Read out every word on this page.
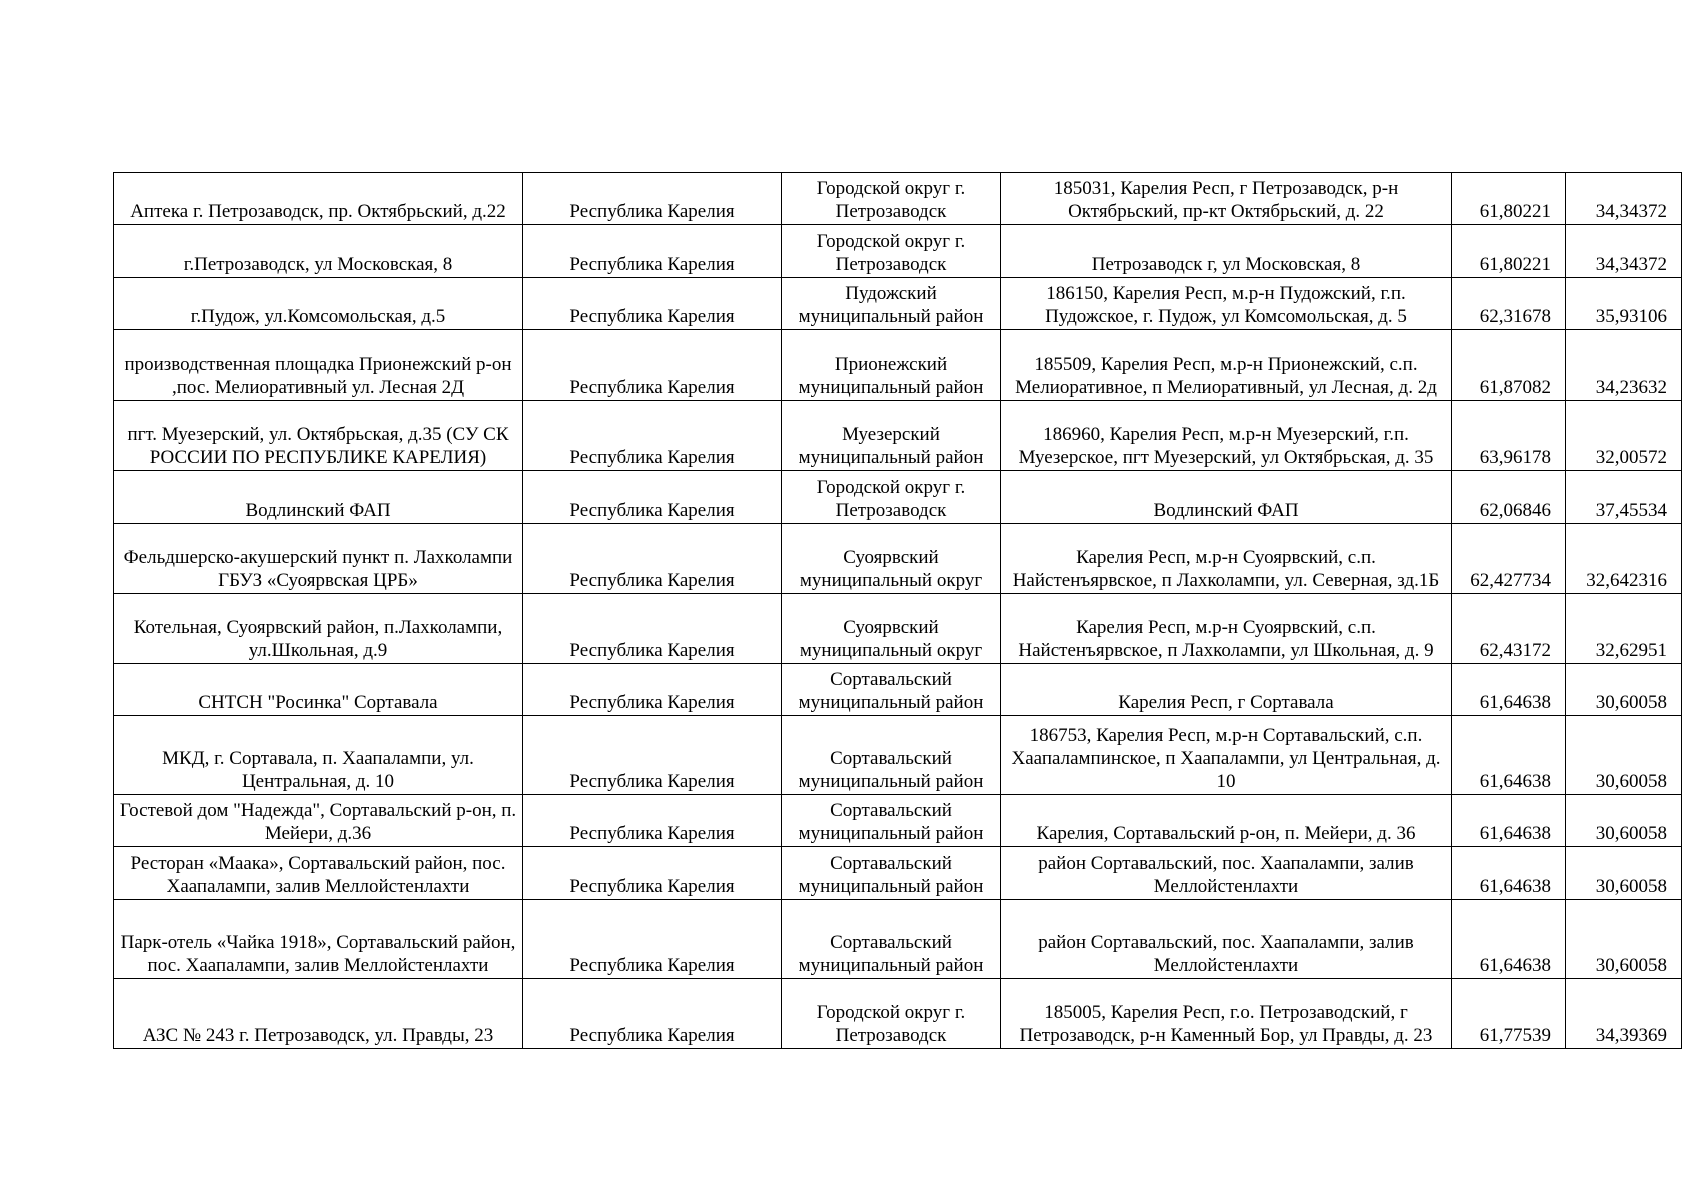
Аптека г. Петрозаводск, пр. Октябрьский, д.22	Республика Карелия	Городской округ г. Петрозаводск	185031, Карелия Респ, г Петрозаводск, р-н Октябрьский, пр-кт Октябрьский, д. 22	61,80221	34,34372
г.Петрозаводск, ул Московская, 8	Республика Карелия	Городской округ г. Петрозаводск	Петрозаводск г, ул Московская, 8	61,80221	34,34372
г.Пудож, ул.Комсомольская, д.5	Республика Карелия	Пудожский муниципальный район	186150, Карелия Респ, м.р-н Пудожский, г.п. Пудожское, г. Пудож, ул Комсомольская, д. 5	62,31678	35,93106
производственная площадка Прионежский р-он ,пос. Мелиоративный ул. Лесная 2Д	Республика Карелия	Прионежский муниципальный район	185509, Карелия Респ, м.р-н Прионежский, с.п. Мелиоративное, п Мелиоративный, ул Лесная, д. 2д	61,87082	34,23632
пгт. Муезерский, ул. Октябрьская, д.35 (СУ СК РОССИИ ПО РЕСПУБЛИКЕ КАРЕЛИЯ)	Республика Карелия	Муезерский муниципальный район	186960, Карелия Респ, м.р-н Муезерский, г.п. Муезерское, пгт Муезерский, ул Октябрьская, д. 35	63,96178	32,00572
Водлинский ФАП	Республика Карелия	Городской округ г. Петрозаводск	Водлинский ФАП	62,06846	37,45534
Фельдшерско-акушерский пункт п. Лахколампи ГБУЗ «Суоярвская ЦРБ»	Республика Карелия	Суоярвский муниципальный округ	Карелия Респ, м.р-н Суоярвский, с.п. Найстенъярвское, п Лахколампи, ул. Северная, зд.1Б	62,427734	32,642316
Котельная, Суоярвский район, п.Лахколампи, ул.Школьная, д.9	Республика Карелия	Суоярвский муниципальный округ	Карелия Респ, м.р-н Суоярвский, с.п. Найстенъярвское, п Лахколампи, ул Школьная, д. 9	62,43172	32,62951
СНТСН "Росинка" Сортавала	Республика Карелия	Сортавальский муниципальный район	Карелия Респ, г Сортавала	61,64638	30,60058
МКД, г. Сортавала, п. Хаапалампи, ул. Центральная, д. 10	Республика Карелия	Сортавальский муниципальный район	186753, Карелия Респ, м.р-н Сортавальский, с.п. Хаапалампинское, п Хаапалампи, ул Центральная, д. 10	61,64638	30,60058
Гостевой дом "Надежда", Сортавальский р-он, п. Мейери, д.36	Республика Карелия	Сортавальский муниципальный район	Карелия, Сортавальский р-он, п. Мейери, д. 36	61,64638	30,60058
Ресторан «Маака», Сортавальский район, пос. Хаапалампи, залив Меллойстенлахти	Республика Карелия	Сортавальский муниципальный район	район Сортавальский, пос. Хаапалампи, залив Меллойстенлахти	61,64638	30,60058
Парк-отель «Чайка 1918», Сортавальский район, пос. Хаапалампи, залив Меллойстенлахти	Республика Карелия	Сортавальский муниципальный район	район Сортавальский, пос. Хаапалампи, залив Меллойстенлахти	61,64638	30,60058
АЗС № 243 г. Петрозаводск, ул. Правды, 23	Республика Карелия	Городской округ г. Петрозаводск	185005, Карелия Респ, г.о. Петрозаводский, г Петрозаводск, р-н Каменный Бор, ул Правды, д. 23	61,77539	34,39369
